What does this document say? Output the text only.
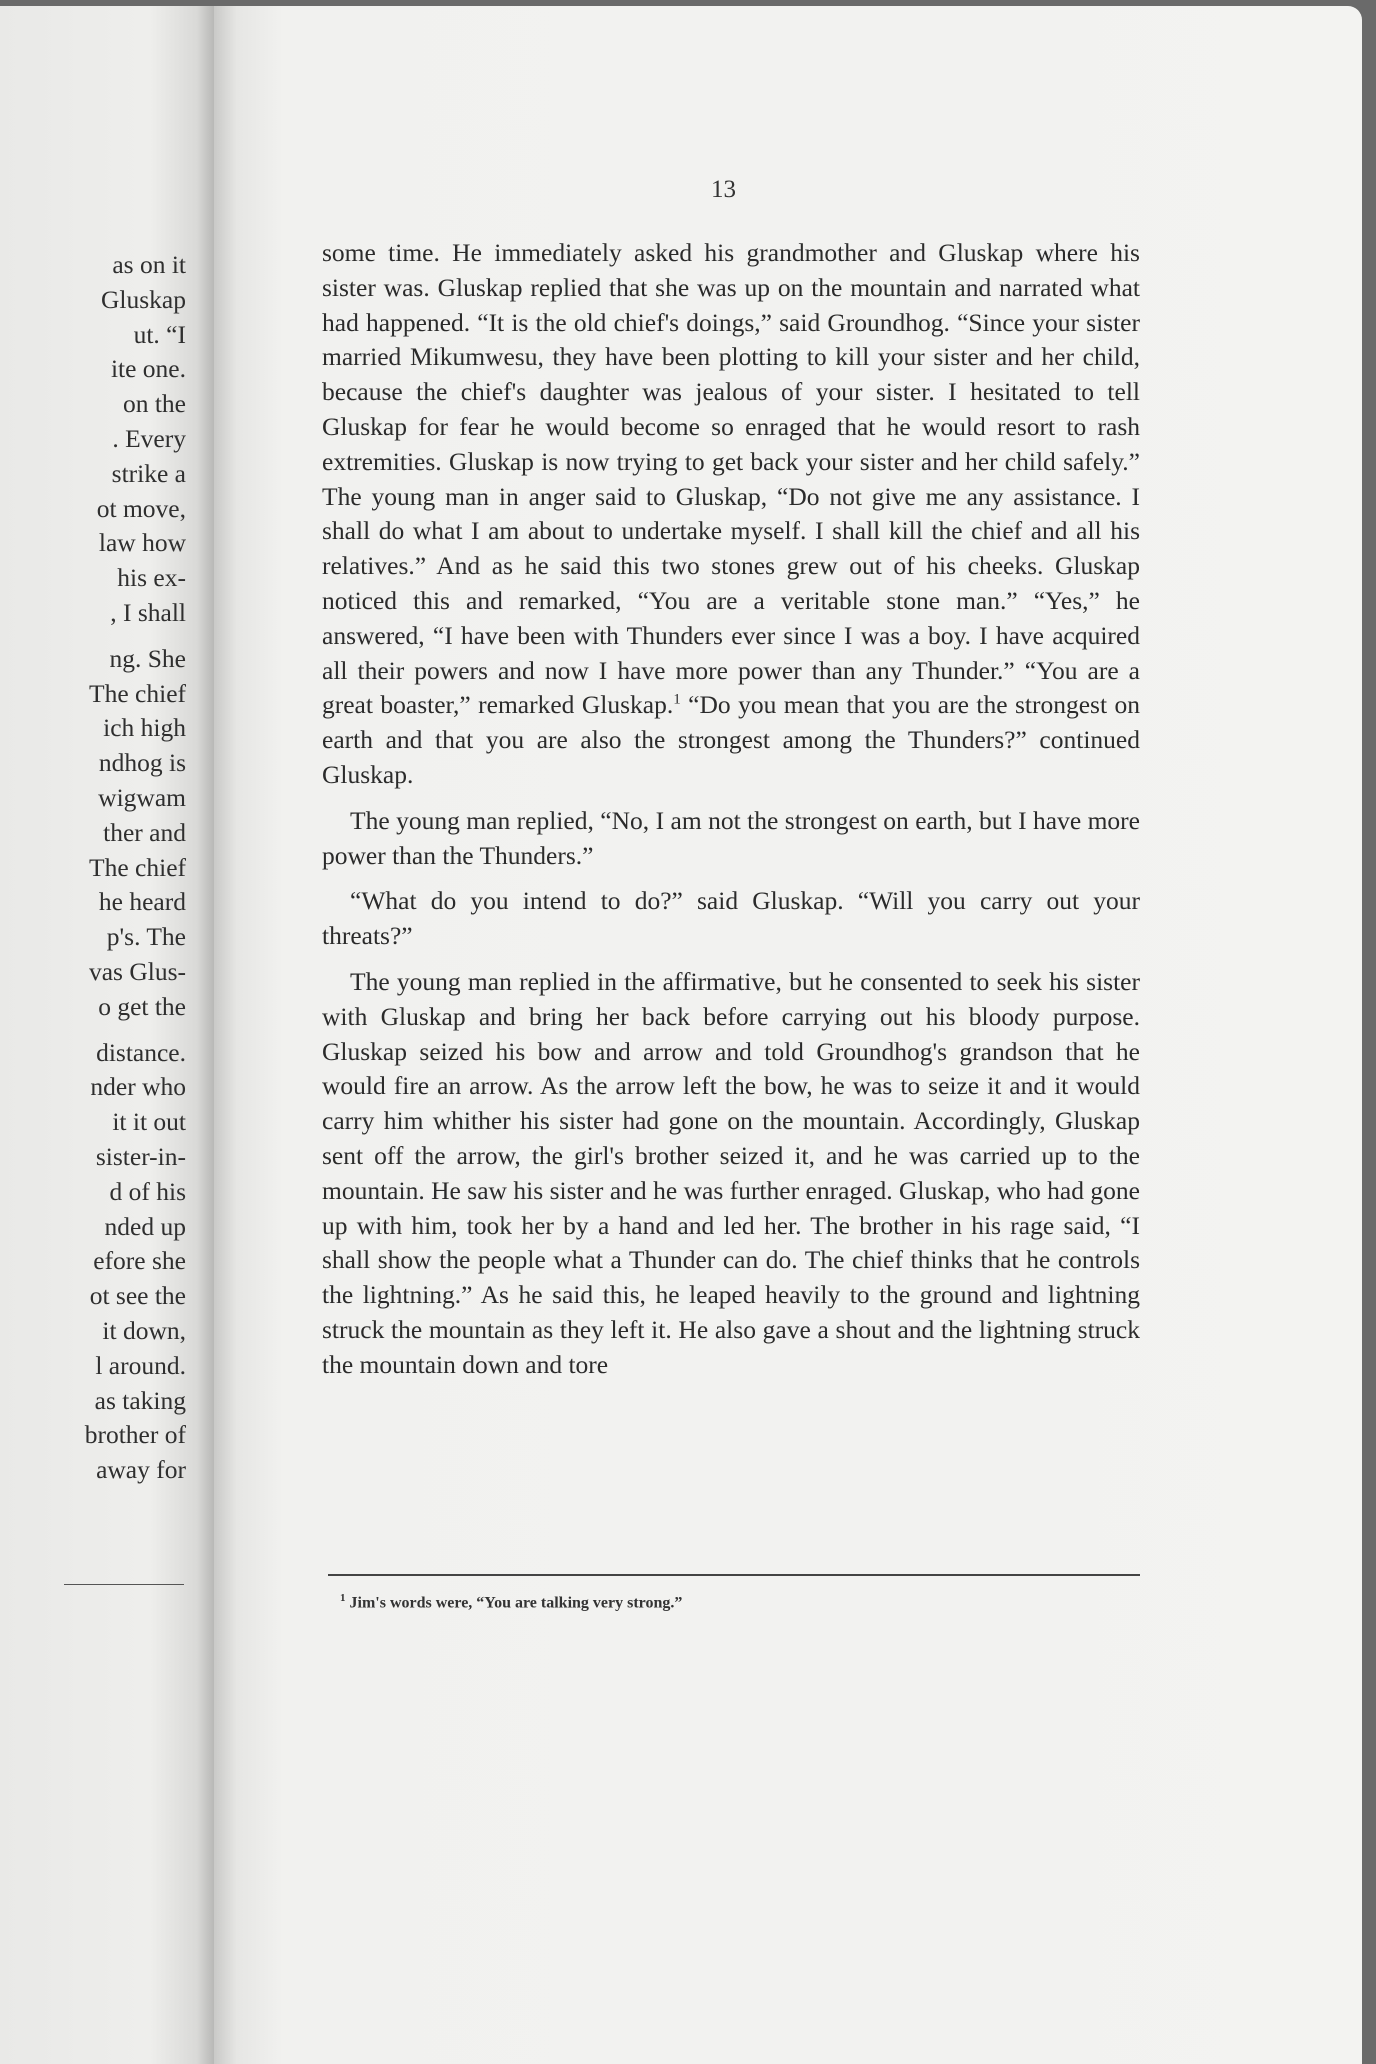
as on it
Gluskap
ut. “I
ite one.
on the
. Every
strike a
ot move,
law how
his ex-
, I shall
ng. She
The chief
ich high
ndhog is
wigwam
ther and
The chief
he heard
p's. The
vas Glus-
o get the
distance.
nder who
it it out
sister-in-
d of his
nded up
efore she
ot see the
it down,
l around.
as taking
brother of
away for
13

some time. He immediately asked his grandmother and Gluskap where his sister was. Gluskap replied that she was up on the mountain and narrated what had happened. “It is the old chief's doings,” said Groundhog. “Since your sister married Mikumwesu, they have been plotting to kill your sister and her child, because the chief's daughter was jealous of your sister. I hesitated to tell Gluskap for fear he would become so enraged that he would resort to rash extremities. Gluskap is now trying to get back your sister and her child safely.” The young man in anger said to Gluskap, “Do not give me any assistance. I shall do what I am about to undertake myself. I shall kill the chief and all his relatives.” And as he said this two stones grew out of his cheeks. Gluskap noticed this and remarked, “You are a veritable stone man.” “Yes,” he answered, “I have been with Thunders ever since I was a boy. I have acquired all their powers and now I have more power than any Thunder.” “You are a great boaster,” remarked Gluskap.$^1$ “Do you mean that you are the strongest on earth and that you are also the strongest among the Thunders?” continued Gluskap.

The young man replied, “No, I am not the strongest on earth, but I have more power than the Thunders.”

“What do you intend to do?” said Gluskap. “Will you carry out your threats?”

The young man replied in the affirmative, but he consented to seek his sister with Gluskap and bring her back before carrying out his bloody purpose. Gluskap seized his bow and arrow and told Groundhog's grandson that he would fire an arrow. As the arrow left the bow, he was to seize it and it would carry him whither his sister had gone on the mountain. Accordingly, Gluskap sent off the arrow, the girl's brother seized it, and he was carried up to the mountain. He saw his sister and he was further enraged. Gluskap, who had gone up with him, took her by a hand and led her. The brother in his rage said, “I shall show the people what a Thunder can do. The chief thinks that he controls the lightning.” As he said this, he leaped heavily to the ground and lightning struck the mountain as they left it. He also gave a shout and the lightning struck the mountain down and tore

$^1$ Jim's words were, “You are talking very strong.”
